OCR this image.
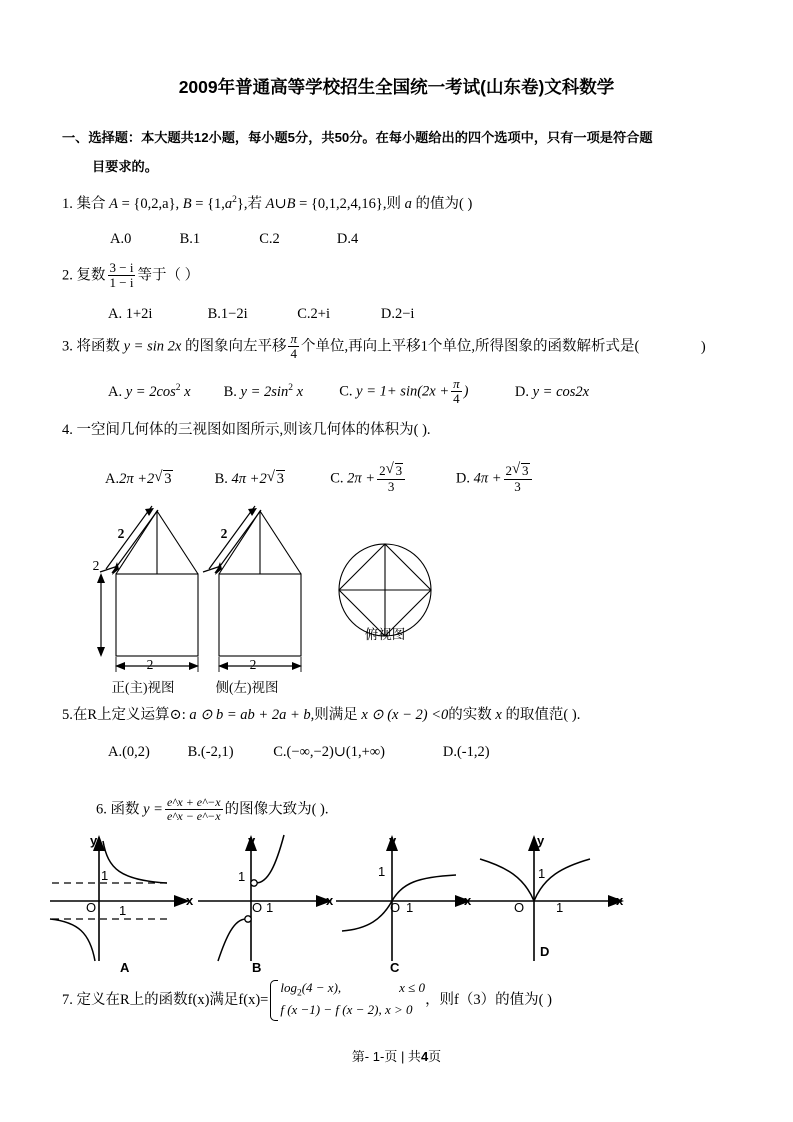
2009年普通高等学校招生全国统一考试(山东卷)文科数学
一、选择题：本大题共12小题，每小题5分，共50分。在每小题给出的四个选项中，只有一项是符合题
目要求的。
1. 集合 A = {0,2,a}, $B = \{1,a^2\}$,若 A∪B = {0,1,2,4,16},则 a 的值为( )
A.0	B.1	C.2	D.4
2. 复数 $\frac{3 - i}{1 - i}$ 等于（ ）
A. 1+2i	B.1−2i	C.2+i	D.2−i
3. 将函数 y = sin 2x 的图象向左平移 $\frac{\pi}{4}$ 个单位,再向上平移1个单位,所得图象的函数解析式是(	)
A. $y = 2\cos^2$ x B. $y = 2\sin^2$ x C. $y = 1+ \sin(2x + \frac{\pi}{4}$ )	D. y = cos2x
4. 一空间几何体的三视图如图所示,则该几何体的体积为( ).
A.2π +2 √ 3	B. 4π +2 √ 3	C. $2\pi + \frac{2 √ 3}{3}$	D. $4\pi + \frac{2 √ 3}{3}$
2
2	2
2	2
正(主)视图	侧(左)视图
俯视图
5.在R上定义运算⊙: a ⊙ b = ab + 2a + b,则满足 x ⊙ (x − 2) <0的实数 x 的取值范( ).
A.(0,2)	B.(-2,1)	C.(−∞,−2)∪(1,+∞)	D.(-1,2)
6. 函数 $y = \frac{e\^{}x + e\^{}-x}{e\^{}x - e\^{}-x}$ 的图像大致为( ).
y
x
O
1
1
A
y
x
O
1
1
B
y
x
O
1
1
C
y
x
O
1
1
D
7. 定义在R上的函数f(x)满足f(x)=
$\log_2(4 - x)$,	x ≤ 0
f (x −1) − f (x − 2), x > 0
，则f（3）的值为( )
第- 1-页 | 共4页
